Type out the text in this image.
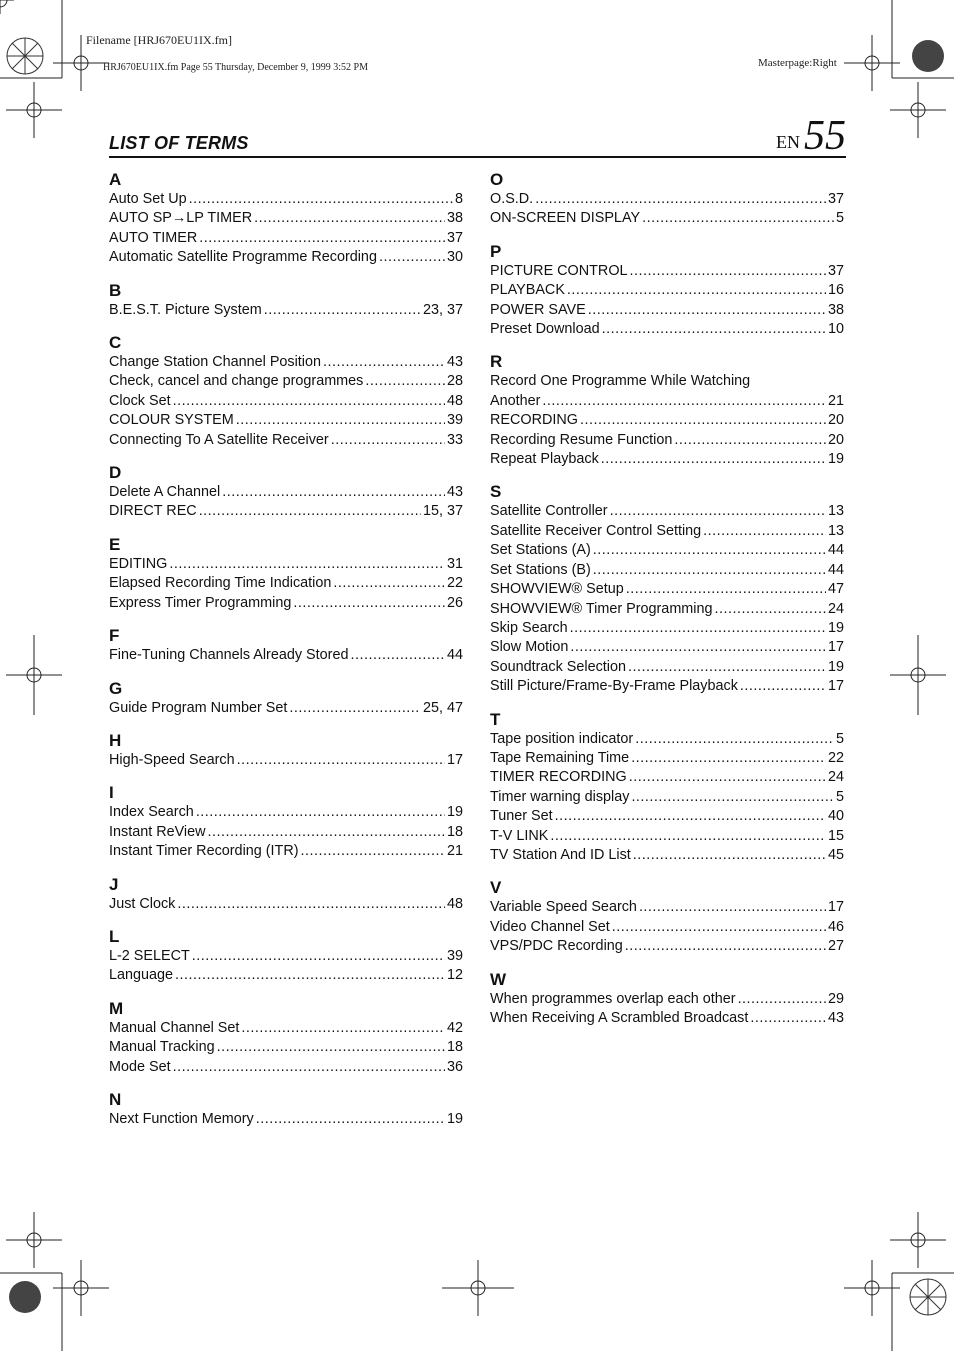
Filename [HRJ670EU1IX.fm]
HRJ670EU1IX.fm Page 55 Thursday, December 9, 1999 3:52 PM	Masterpage:Right
LIST OF TERMS	EN 55
A
Auto Set Up .....	8
AUTO SP→LP TIMER .....	38
AUTO TIMER .....	37
Automatic Satellite Programme Recording .....	30
B
B.E.S.T. Picture System .....	23, 37
C
Change Station Channel Position .....	43
Check, cancel and change programmes .....	28
Clock Set .....	48
COLOUR SYSTEM .....	39
Connecting To A Satellite Receiver .....	33
D
Delete A Channel .....	43
DIRECT REC .....	15, 37
E
EDITING .....	31
Elapsed Recording Time Indication .....	22
Express Timer Programming .....	26
F
Fine-Tuning Channels Already Stored .....	44
G
Guide Program Number Set .....	25, 47
H
High-Speed Search .....	17
I
Index Search .....	19
Instant ReView .....	18
Instant Timer Recording (ITR) .....	21
J
Just Clock .....	48
L
L-2 SELECT .....	39
Language .....	12
M
Manual Channel Set .....	42
Manual Tracking .....	18
Mode Set .....	36
N
Next Function Memory .....	19
O
O.S.D. .....	37
ON-SCREEN DISPLAY .....	5
P
PICTURE CONTROL .....	37
PLAYBACK .....	16
POWER SAVE .....	38
Preset Download .....	10
R
Record One Programme While Watching
Another .....	21
RECORDING .....	20
Recording Resume Function .....	20
Repeat Playback .....	19
S
Satellite Controller .....	13
Satellite Receiver Control Setting .....	13
Set Stations (A) .....	44
Set Stations (B) .....	44
SHOWVIEW® Setup .....	47
SHOWVIEW® Timer Programming .....	24
Skip Search .....	19
Slow Motion .....	17
Soundtrack Selection .....	19
Still Picture/Frame-By-Frame Playback .....	17
T
Tape position indicator .....	5
Tape Remaining Time .....	22
TIMER RECORDING .....	24
Timer warning display .....	5
Tuner Set .....	40
T-V LINK .....	15
TV Station And ID List .....	45
V
Variable Speed Search .....	17
Video Channel Set .....	46
VPS/PDC Recording .....	27
W
When programmes overlap each other .....	29
When Receiving A Scrambled Broadcast .....	43
